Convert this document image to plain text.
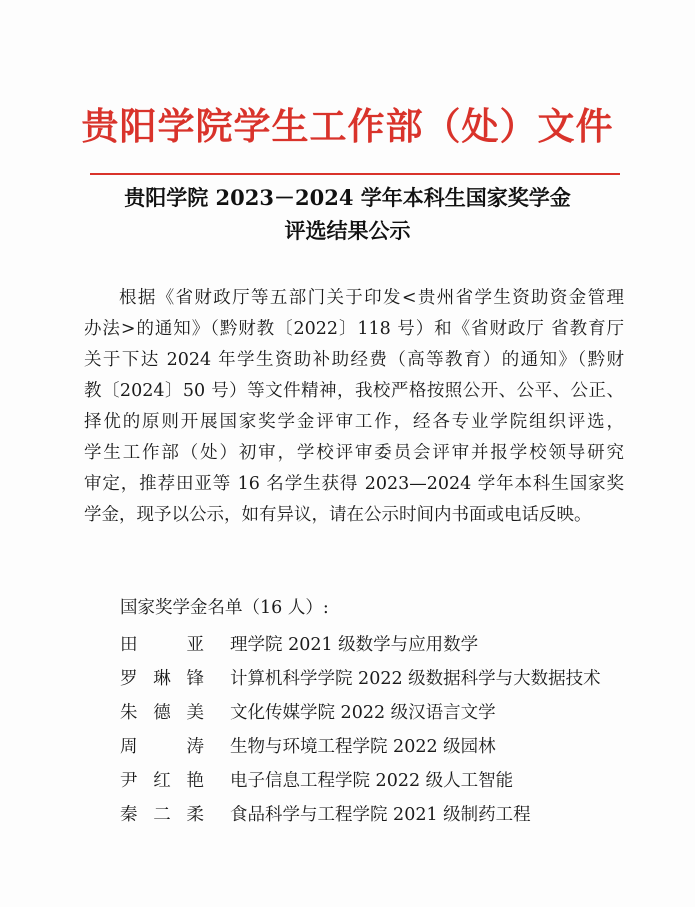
贵阳学院学生工作部（处）文件
贵阳学院 2023－2024 学年本科生国家奖学金
评选结果公示
根据《省财政厅等五部门关于印发<贵州省学生资助资金管理
办法>的通知》（黔财教〔2022〕118 号）和《省财政厅 省教育厅
关于下达 2024 年学生资助补助经费（高等教育）的通知》（黔财
教〔2024〕50 号）等文件精神，我校严格按照公开、公平、公正、
择优的原则开展国家奖学金评审工作，经各专业学院组织评选，
学生工作部（处）初审，学校评审委员会评审并报学校领导研究
审定，推荐田亚等 16 名学生获得 2023—2024 学年本科生国家奖
学金，现予以公示，如有异议，请在公示时间内书面或电话反映。
国家奖学金名单（16 人）:
田　亚 理学院 2021 级数学与应用数学
罗琳锋 计算机科学学院 2022 级数据科学与大数据技术
朱德美 文化传媒学院 2022 级汉语言文学
周　涛 生物与环境工程学院 2022 级园林
尹红艳 电子信息工程学院 2022 级人工智能
秦二柔 食品科学与工程学院 2021 级制药工程
